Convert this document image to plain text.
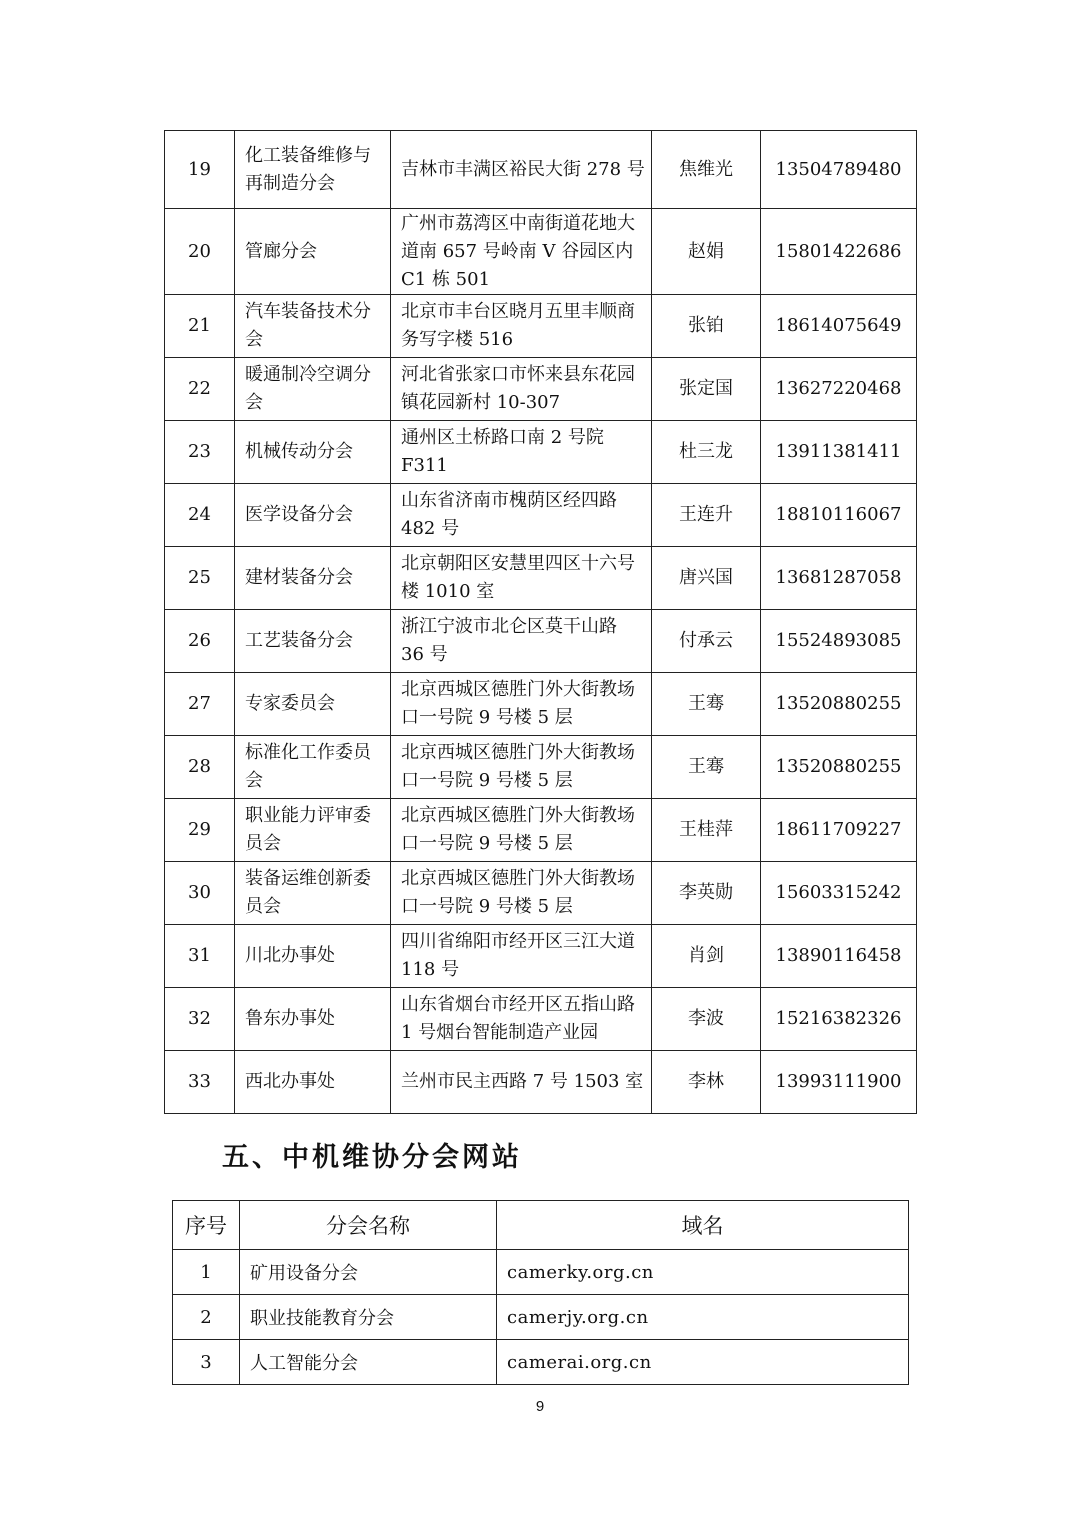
19	化工装备维修与再制造分会	吉林市丰满区裕民大街 278 号	焦维光	13504789480
20	管廊分会	广州市荔湾区中南街道花地大道南 657 号岭南 V 谷园区内 C1 栋 501	赵娟	15801422686
21	汽车装备技术分会	北京市丰台区晓月五里丰顺商务写字楼 516	张铂	18614075649
22	暖通制冷空调分会	河北省张家口市怀来县东花园镇花园新村 10-307	张定国	13627220468
23	机械传动分会	通州区土桥路口南 2 号院 F311	杜三龙	13911381411
24	医学设备分会	山东省济南市槐荫区经四路 482 号	王连升	18810116067
25	建材装备分会	北京朝阳区安慧里四区十六号楼 1010 室	唐兴国	13681287058
26	工艺装备分会	浙江宁波市北仑区莫干山路 36 号	付承云	15524893085
27	专家委员会	北京西城区德胜门外大街教场口一号院 9 号楼 5 层	王骞	13520880255
28	标准化工作委员会	北京西城区德胜门外大街教场口一号院 9 号楼 5 层	王骞	13520880255
29	职业能力评审委员会	北京西城区德胜门外大街教场口一号院 9 号楼 5 层	王桂萍	18611709227
30	装备运维创新委员会	北京西城区德胜门外大街教场口一号院 9 号楼 5 层	李英勋	15603315242
31	川北办事处	四川省绵阳市经开区三江大道 118 号	肖剑	13890116458
32	鲁东办事处	山东省烟台市经开区五指山路 1 号烟台智能制造产业园	李波	15216382326
33	西北办事处	兰州市民主西路 7 号 1503 室	李林	13993111900
五、中机维协分会网站
序号	分会名称	域名
1	矿用设备分会	camerky.org.cn
2	职业技能教育分会	camerjy.org.cn
3	人工智能分会	camerai.org.cn
9
